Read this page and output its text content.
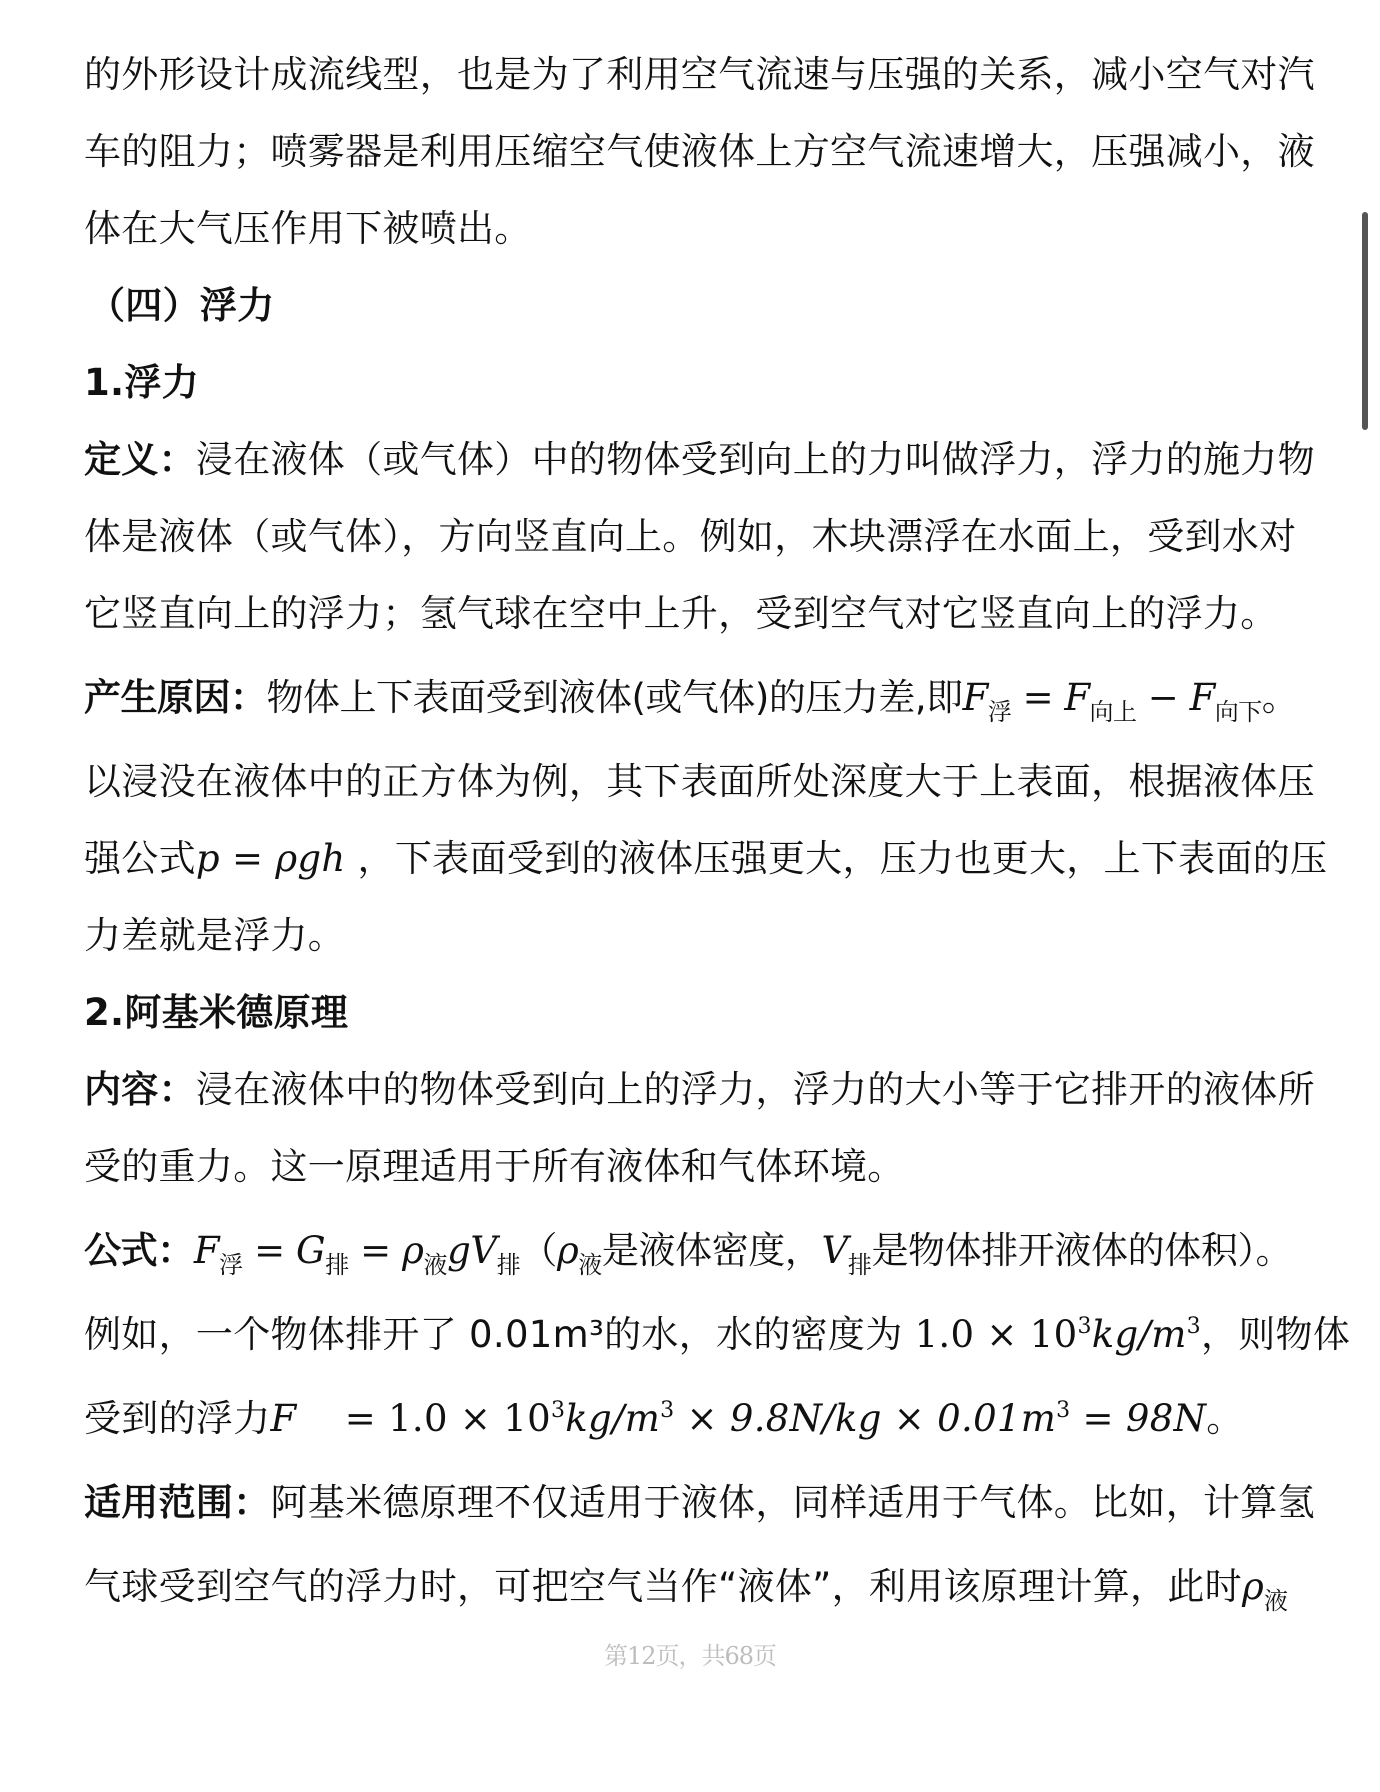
的外形设计成流线型，也是为了利用空气流速与压强的关系，减小空气对汽

车的阻力；喷雾器是利用压缩空气使液体上方空气流速增大，压强减小，液

体在大气压作用下被喷出。

（四）浮力

1.浮力

定义：浸在液体（或气体）中的物体受到向上的力叫做浮力，浮力的施力物

体是液体（或气体），方向竖直向上。例如，木块漂浮在水面上，受到水对

它竖直向上的浮力；氢气球在空中上升，受到空气对它竖直向上的浮力。

产生原因：物体上下表面受到液体(或气体)的压力差,即$F_浮 = F_{向上} - F_{向下}$。

以浸没在液体中的正方体为例，其下表面所处深度大于上表面，根据液体压

强公式p = ρgh ，下表面受到的液体压强更大，压力也更大，上下表面的压

力差就是浮力。

2.阿基米德原理

内容：浸在液体中的物体受到向上的浮力，浮力的大小等于它排开的液体所

受的重力。这一原理适用于所有液体和气体环境。

公式：$F_浮 = G_排 = \rho_液gV_排(\rho_液$是液体密度，$V_排$是物体排开液体的体积）。

例如，一个物体排开了 0.01m³的水，水的密度为 $1.0 \times 10^3kg/m^3$，则物体

受到的浮力F    = $1.0 \times 10^3kg/m^3 \times 9.8N/kg \times 0.01m^3 = 98N$。

适用范围：阿基米德原理不仅适用于液体，同样适用于气体。比如，计算氢

气球受到空气的浮力时，可把空气当作“液体”，利用该原理计算，此时$\rho_液$

第12页，共68页
